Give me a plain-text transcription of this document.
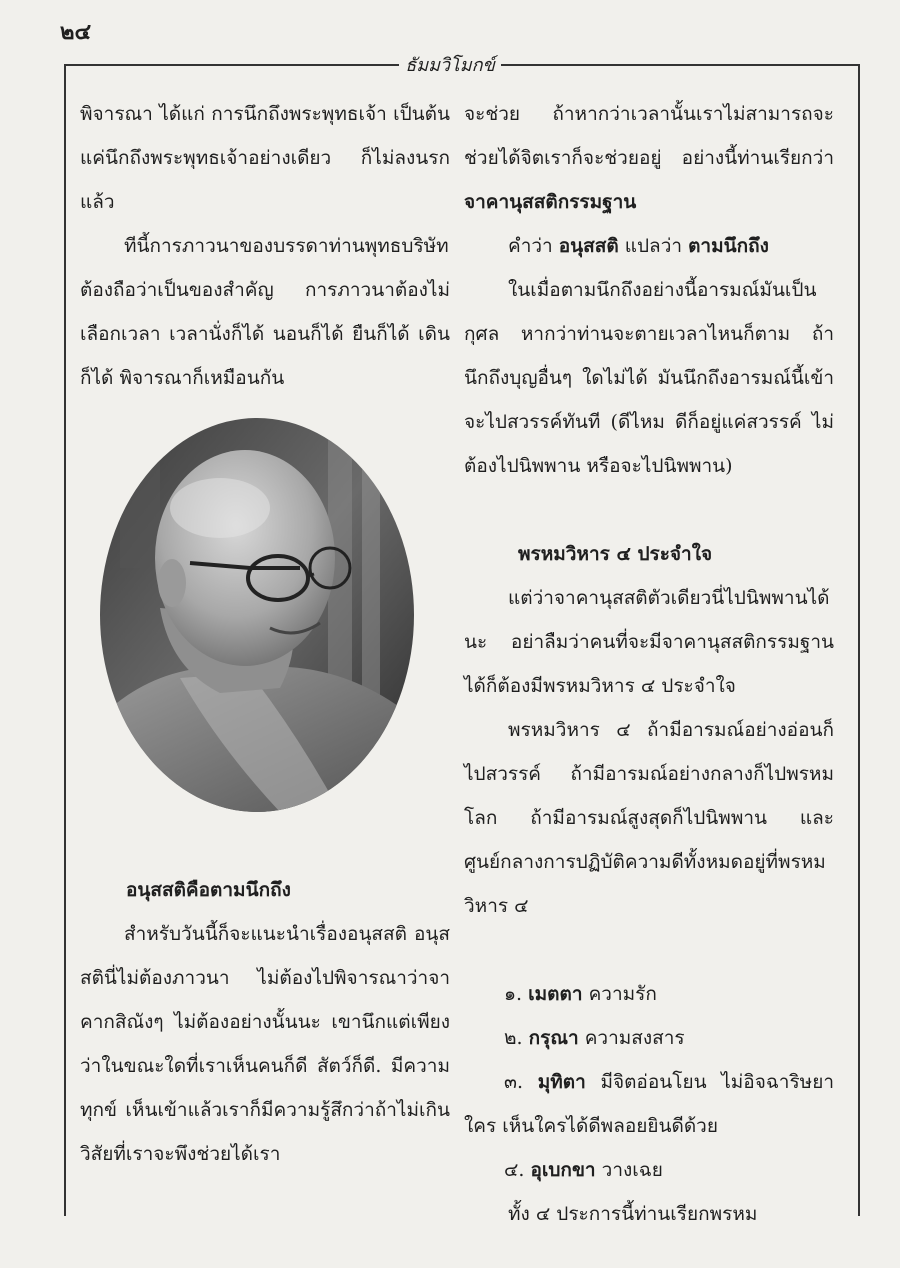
๒๔
ธัมมวิโมกข์

พิจารณา ได้แก่ การนึกถึงพระพุทธเจ้า เป็นต้น แค่นึกถึงพระพุทธเจ้าอย่างเดียว ก็ไม่ลงนรกแล้ว

ทีนี้การภาวนาของบรรดาท่านพุทธบริษัทต้องถือว่าเป็นของสำคัญ การภาวนาต้องไม่เลือกเวลา เวลานั่งก็ได้ นอนก็ได้ ยืนก็ได้ เดินก็ได้ พิจารณาก็เหมือนกัน

อนุสสติคือตามนึกถึง

สำหรับวันนี้ก็จะแนะนำเรื่องอนุสสติ อนุสสตินี่ไม่ต้องภาวนา ไม่ต้องไปพิจารณาว่าจาคากสิณังๆ ไม่ต้องอย่างนั้นนะ เขานึกแต่เพียงว่าในขณะใดที่เราเห็นคนก็ดี สัตว์ก็ดี. มีความทุกข์ เห็นเข้าแล้วเราก็มีความรู้สึกว่าถ้าไม่เกินวิสัยที่เราจะพึงช่วยได้เรา

จะช่วย ถ้าหากว่าเวลานั้นเราไม่สามารถจะช่วยได้จิตเราก็จะช่วยอยู่ อย่างนี้ท่านเรียกว่าจาคานุสสติกรรมฐาน

คำว่า อนุสสติ แปลว่า ตามนึกถึง

ในเมื่อตามนึกถึงอย่างนี้อารมณ์มันเป็นกุศล หากว่าท่านจะตายเวลาไหนก็ตาม ถ้านึกถึงบุญอื่นๆ ใดไม่ได้ มันนึกถึงอารมณ์นี้เข้าจะไปสวรรค์ทันที (ดีไหม ดีก็อยู่แค่สวรรค์ ไม่ต้องไปนิพพาน หรือจะไปนิพพาน)

พรหมวิหาร ๔ ประจำใจ

แต่ว่าจาคานุสสติตัวเดียวนี่ไปนิพพานได้นะ อย่าลืมว่าคนที่จะมีจาคานุสสติกรรมฐานได้ก็ต้องมีพรหมวิหาร ๔ ประจำใจ

พรหมวิหาร ๔ ถ้ามีอารมณ์อย่างอ่อนก็ไปสวรรค์ ถ้ามีอารมณ์อย่างกลางก็ไปพรหมโลก ถ้ามีอารมณ์สูงสุดก็ไปนิพพาน และศูนย์กลางการปฏิบัติความดีทั้งหมดอยู่ที่พรหมวิหาร ๔

๑. เมตตา ความรัก

๒. กรุณา ความสงสาร

๓. มุทิตา มีจิตอ่อนโยน ไม่อิจฉาริษยาใคร เห็นใครได้ดีพลอยยินดีด้วย

๔. อุเบกขา วางเฉย

ทั้ง ๔ ประการนี้ท่านเรียกพรหม
